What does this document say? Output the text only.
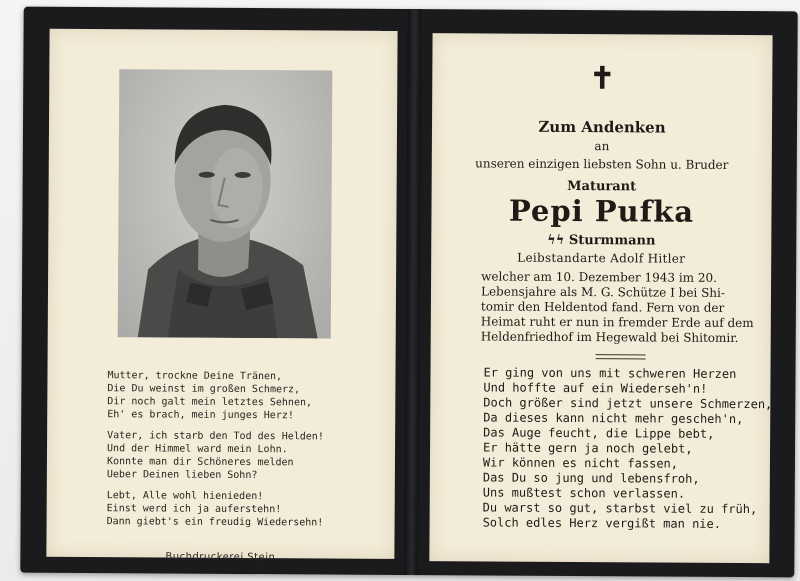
Mutter, trockne Deine Tränen,
Die Du weinst im großen Schmerz,
Dir noch galt mein letztes Sehnen,
Eh' es brach, mein junges Herz!
Vater, ich starb den Tod des Helden!
Und der Himmel ward mein Lohn.
Konnte man dir Schöneres melden
Ueber Deinen lieben Sohn?
Lebt, Alle wohl hienieden!
Einst werd ich ja auferstehn!
Dann giebt's ein freudig Wiedersehn!
Buchdruckerei Stein
✝
Zum Andenken
an
unseren einzigen liebsten Sohn u. Bruder
Maturant
Pepi Pufka
ϟϟ Sturmmann
Leibstandarte Adolf Hitler
welcher am 10. Dezember 1943 im 20.
Lebensjahre als M. G. Schütze I bei Shi-
tomir den Heldentod fand. Fern von der
Heimat ruht er nun in fremder Erde auf dem
Heldenfriedhof im Hegewald bei Shitomir.
Er ging von uns mit schweren Herzen
Und hoffte auf ein Wiederseh'n!
Doch größer sind jetzt unsere Schmerzen,
Da dieses kann nicht mehr gescheh'n,
Das Auge feucht, die Lippe bebt,
Er hätte gern ja noch gelebt,
Wir können es nicht fassen,
Das Du so jung und lebensfroh,
Uns mußtest schon verlassen.
Du warst so gut, starbst viel zu früh,
Solch edles Herz vergißt man nie.
